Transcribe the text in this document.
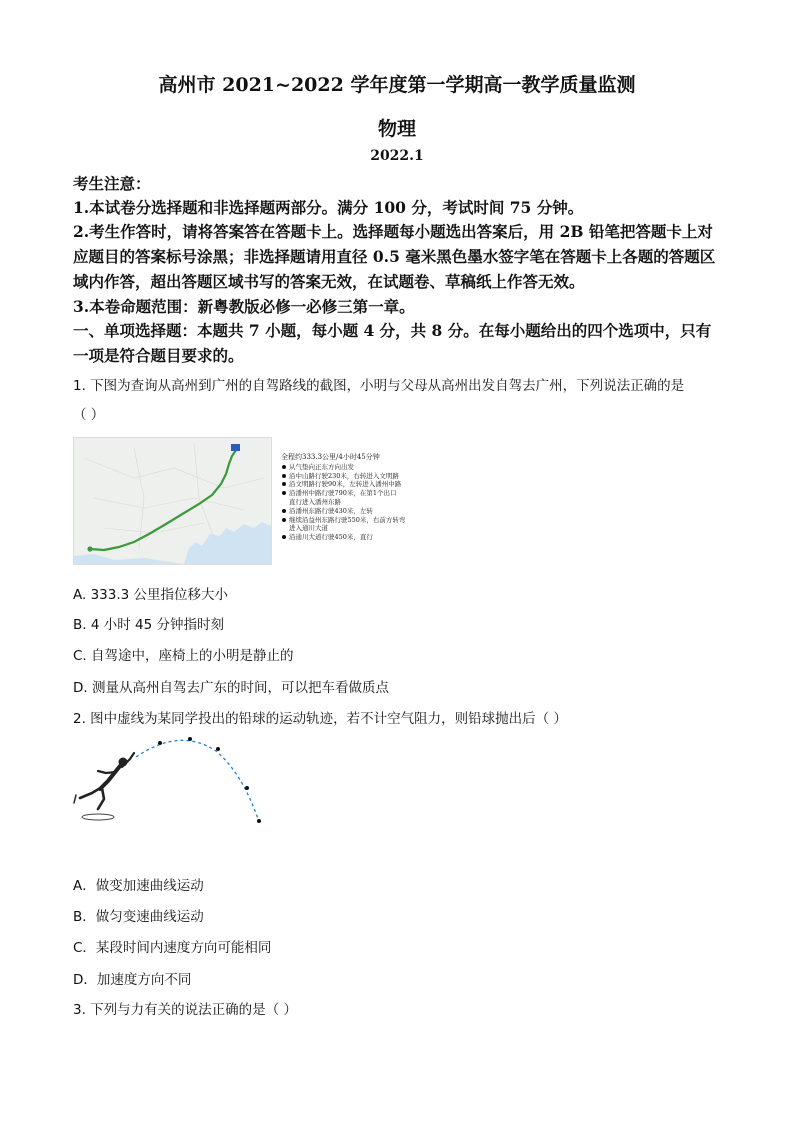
高州市 2021~2022 学年度第一学期高一教学质量监测
物理
2022.1
考生注意：
1.本试卷分选择题和非选择题两部分。满分 100 分，考试时间 75 分钟。
2.考生作答时，请将答案答在答题卡上。选择题每小题选出答案后，用 2B 铅笔把答题卡上对
应题目的答案标号涂黑；非选择题请用直径 0.5 毫米黑色墨水签字笔在答题卡上各题的答题区
域内作答，超出答题区域书写的答案无效，在试题卷、草稿纸上作答无效。
3.本卷命题范围：新粤教版必修一必修三第一章。
一、单项选择题：本题共 7 小题，每小题 4 分，共 8 分。在每小题给出的四个选项中，只有
一项是符合题目要求的。
1. 下图为查询从高州到广州的自驾路线的截图，小明与父母从高州出发自驾去广州，下列说法正确的是
（ ）
全程约333.3公里/4小时45分钟
从气垫向正东方向出发
沿中山路行驶230米，右转进入文明路
沿文明路行驶90米，左转进入潘州中路
沿潘州中路行驶790米，在第1个出口
直行进入潘州东路
沿潘州东路行驶430米，左转
继续沿益州东路行驶550米，右前方转弯
进入通川大道
沿通川大道行驶450米，直行
A. 333.3 公里指位移大小
B. 4 小时 45 分钟指时刻
C. 自驾途中，座椅上的小明是静止的
D. 测量从高州自驾去广东的时间，可以把车看做质点
2. 图中虚线为某同学投出的铅球的运动轨迹，若不计空气阻力，则铅球抛出后（ ）
A．做变加速曲线运动
B．做匀变速曲线运动
C．某段时间内速度方向可能相同
D．加速度方向不同
3. 下列与力有关的说法正确的是（ ）
